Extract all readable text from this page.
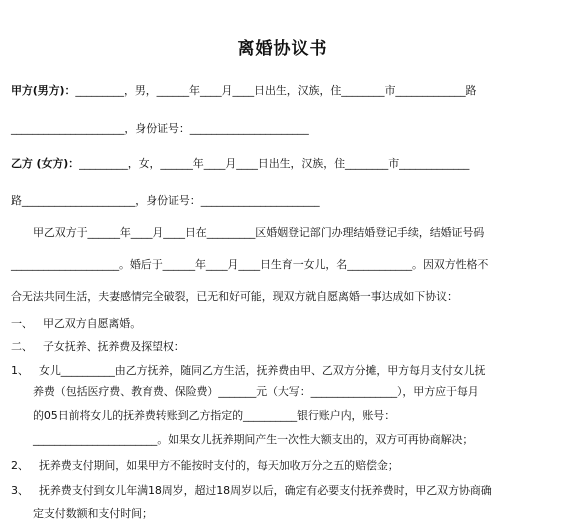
离婚协议书
甲方(男方)：_________，男，______年____月____日出生，汉族，住________市_____________路
_____________________，身份证号：______________________
乙方 (女方)：_________，女，______年____月____日出生，汉族，住________市_____________
路_____________________，身份证号：______________________
甲乙双方于______年____月____日在_________区婚姻登记部门办理结婚登记手续，结婚证号码
____________________。婚后于______年____月____日生育一女儿，名____________。因双方性格不
合无法共同生活，夫妻感情完全破裂，已无和好可能，现双方就自愿离婚一事达成如下协议：
一、   甲乙双方自愿离婚。
二、   子女抚养、抚养费及探望权：
1、   女儿__________由乙方抚养，随同乙方生活，抚养费由甲、乙双方分摊，甲方每月支付女儿抚
养费（包括医疗费、教育费、保险费）_______元（大写：________________），甲方应于每月
的05日前将女儿的抚养费转账到乙方指定的__________银行账户内，账号：
_______________________。如果女儿抚养期间产生一次性大额支出的，双方可再协商解决；
2、   抚养费支付期间，如果甲方不能按时支付的，每天加收万分之五的赔偿金；
3、   抚养费支付到女儿年满18周岁，超过18周岁以后，确定有必要支付抚养费时，甲乙双方协商确
定支付数额和支付时间；
